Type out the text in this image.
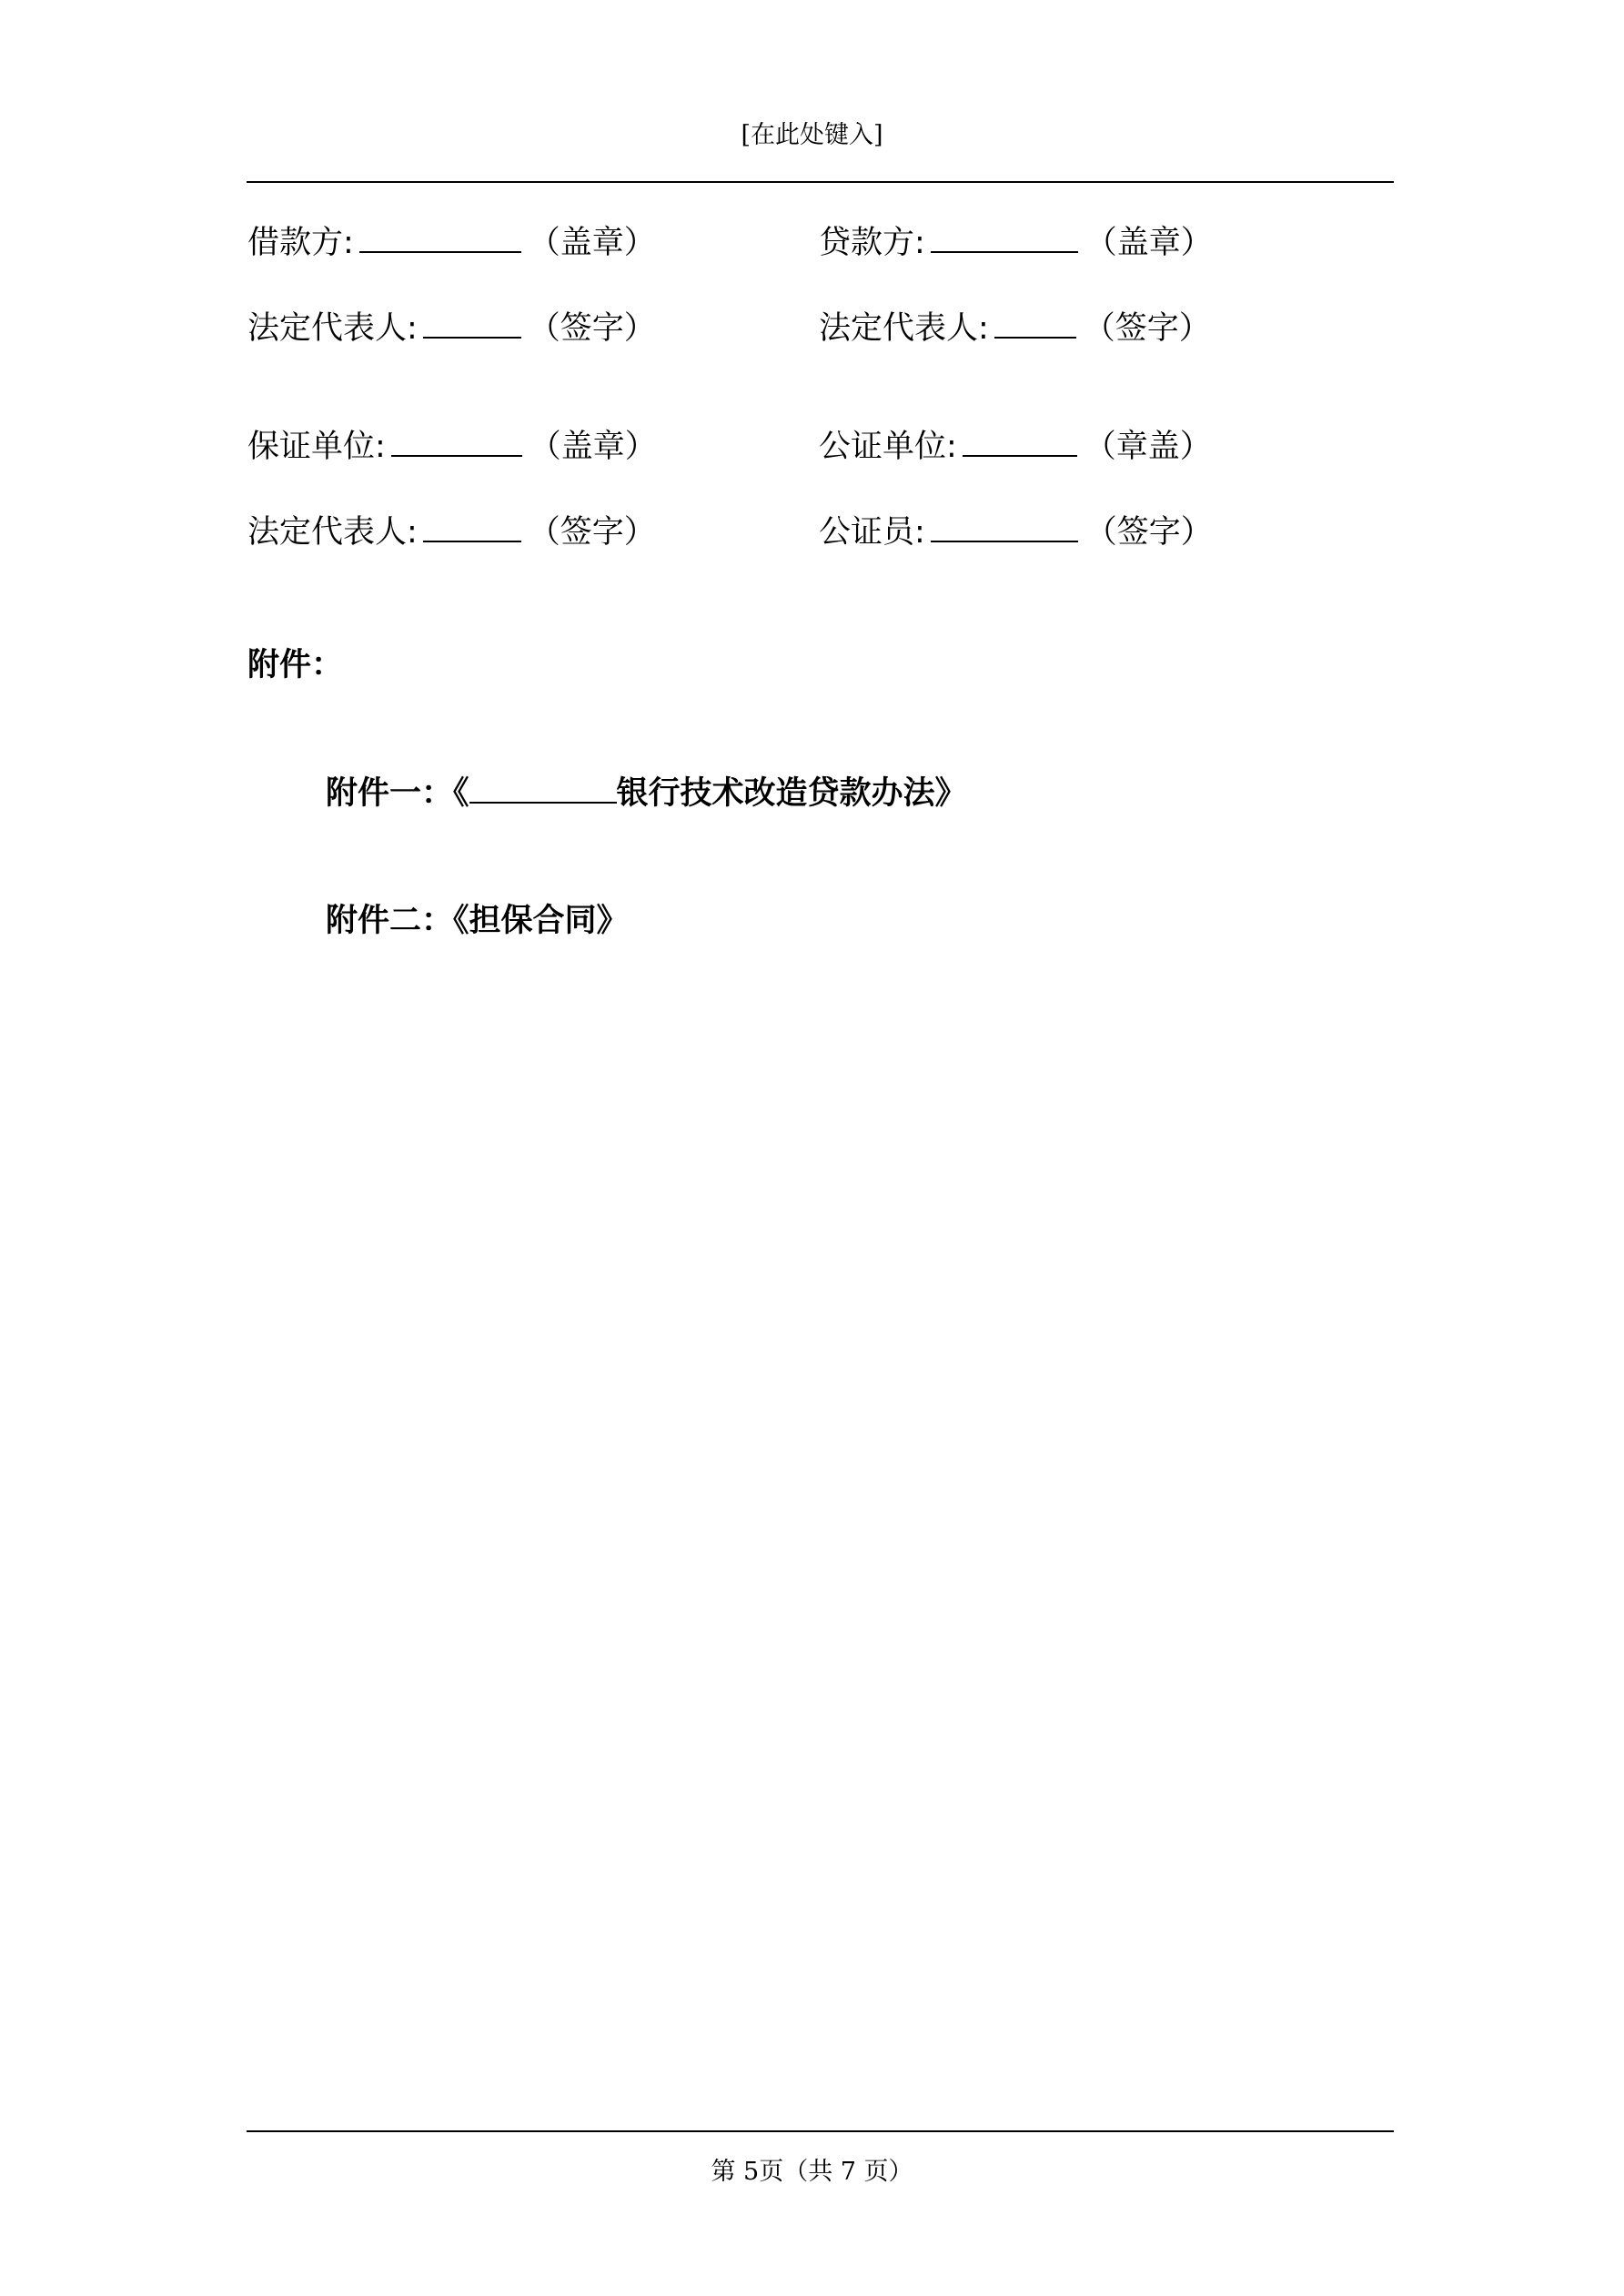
[在此处键入]
借款方:	（盖章）	贷款方:	（盖章）
法定代表人:	（签字）	法定代表人:	（签字）
保证单位:	（盖章）	公证单位:	（章盖）
法定代表人:	（签字）	公证员:	（签字）
附件：
附件一：《	银行技术改造贷款办法》
附件二：《担保合同》
第 5页（共 7 页）
